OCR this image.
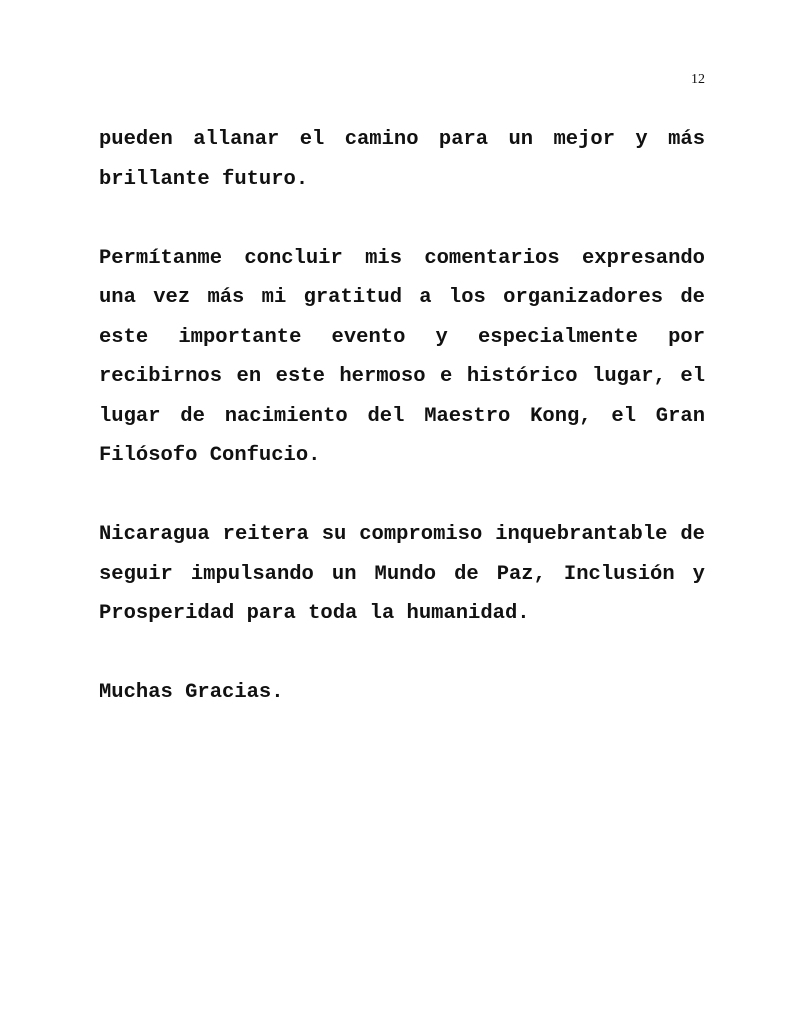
12

pueden allanar el camino para un mejor y más brillante futuro.

Permítanme concluir mis comentarios expresando una vez más mi gratitud a los organizadores de este importante evento y especialmente por recibirnos en este hermoso e histórico lugar, el lugar de nacimiento del Maestro Kong, el Gran Filósofo Confucio.

Nicaragua reitera su compromiso inquebrantable de seguir impulsando un Mundo de Paz, Inclusión y Prosperidad para toda la humanidad.

Muchas Gracias.
